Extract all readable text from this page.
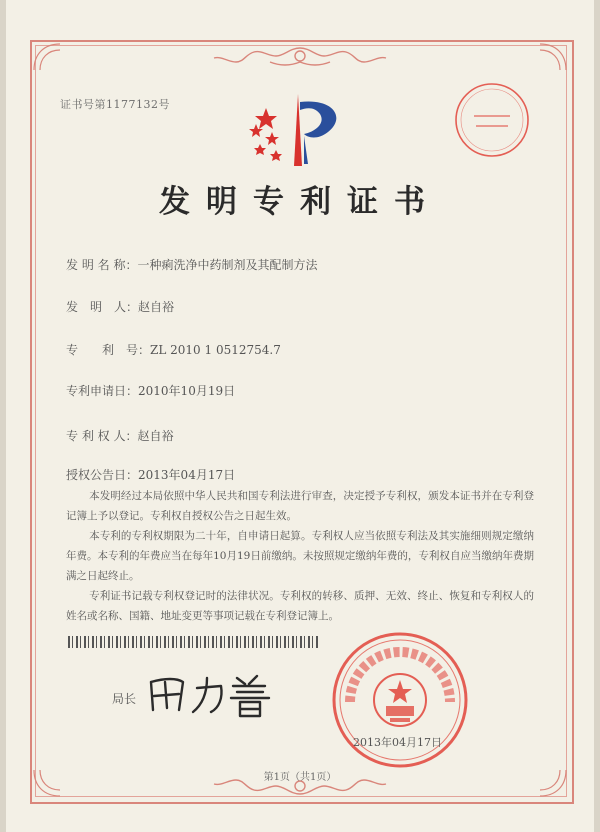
证书号第1177132号
发明专利证书
发 明 名 称：一种痢洗净中药制剂及其配制方法
发　明　人：赵自裕
专　　利　号：ZL 2010 1 0512754.7
专利申请日：2010年10月19日
专 利 权 人：赵自裕
授权公告日：2013年04月17日
本发明经过本局依照中华人民共和国专利法进行审查，决定授予专利权，颁发本证书并在专利登记簿上予以登记。专利权自授权公告之日起生效。
本专利的专利权期限为二十年，自申请日起算。专利权人应当依照专利法及其实施细则规定缴纳年费。本专利的年费应当在每年10月19日前缴纳。未按照规定缴纳年费的，专利权自应当缴纳年费期满之日起终止。
专利证书记载专利权登记时的法律状况。专利权的转移、质押、无效、终止、恢复和专利权人的姓名或名称、国籍、地址变更等事项记载在专利登记簿上。
局长
2013年04月17日
第1页（共1页）
